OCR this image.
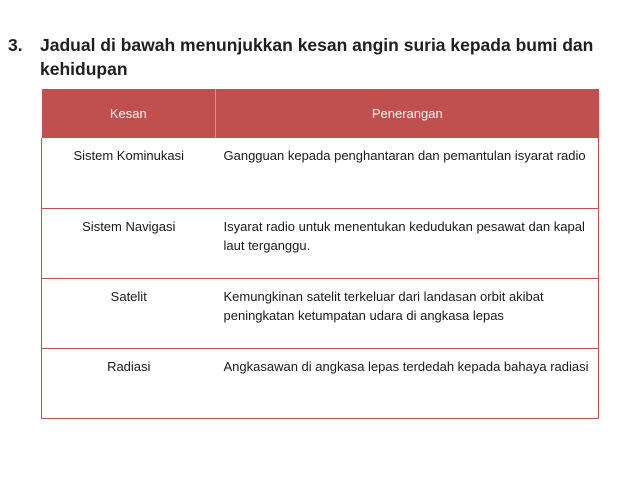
3. Jadual di bawah menunjukkan kesan angin suria kepada bumi dan kehidupan
Kesan	Penerangan
Sistem Kominukasi	Gangguan kepada penghantaran dan pemantulan isyarat radio
Sistem Navigasi	Isyarat radio untuk menentukan kedudukan pesawat dan kapal laut terganggu.
Satelit	Kemungkinan satelit terkeluar dari landasan orbit akibat peningkatan ketumpatan udara di angkasa lepas
Radiasi	Angkasawan di angkasa lepas terdedah kepada bahaya radiasi
